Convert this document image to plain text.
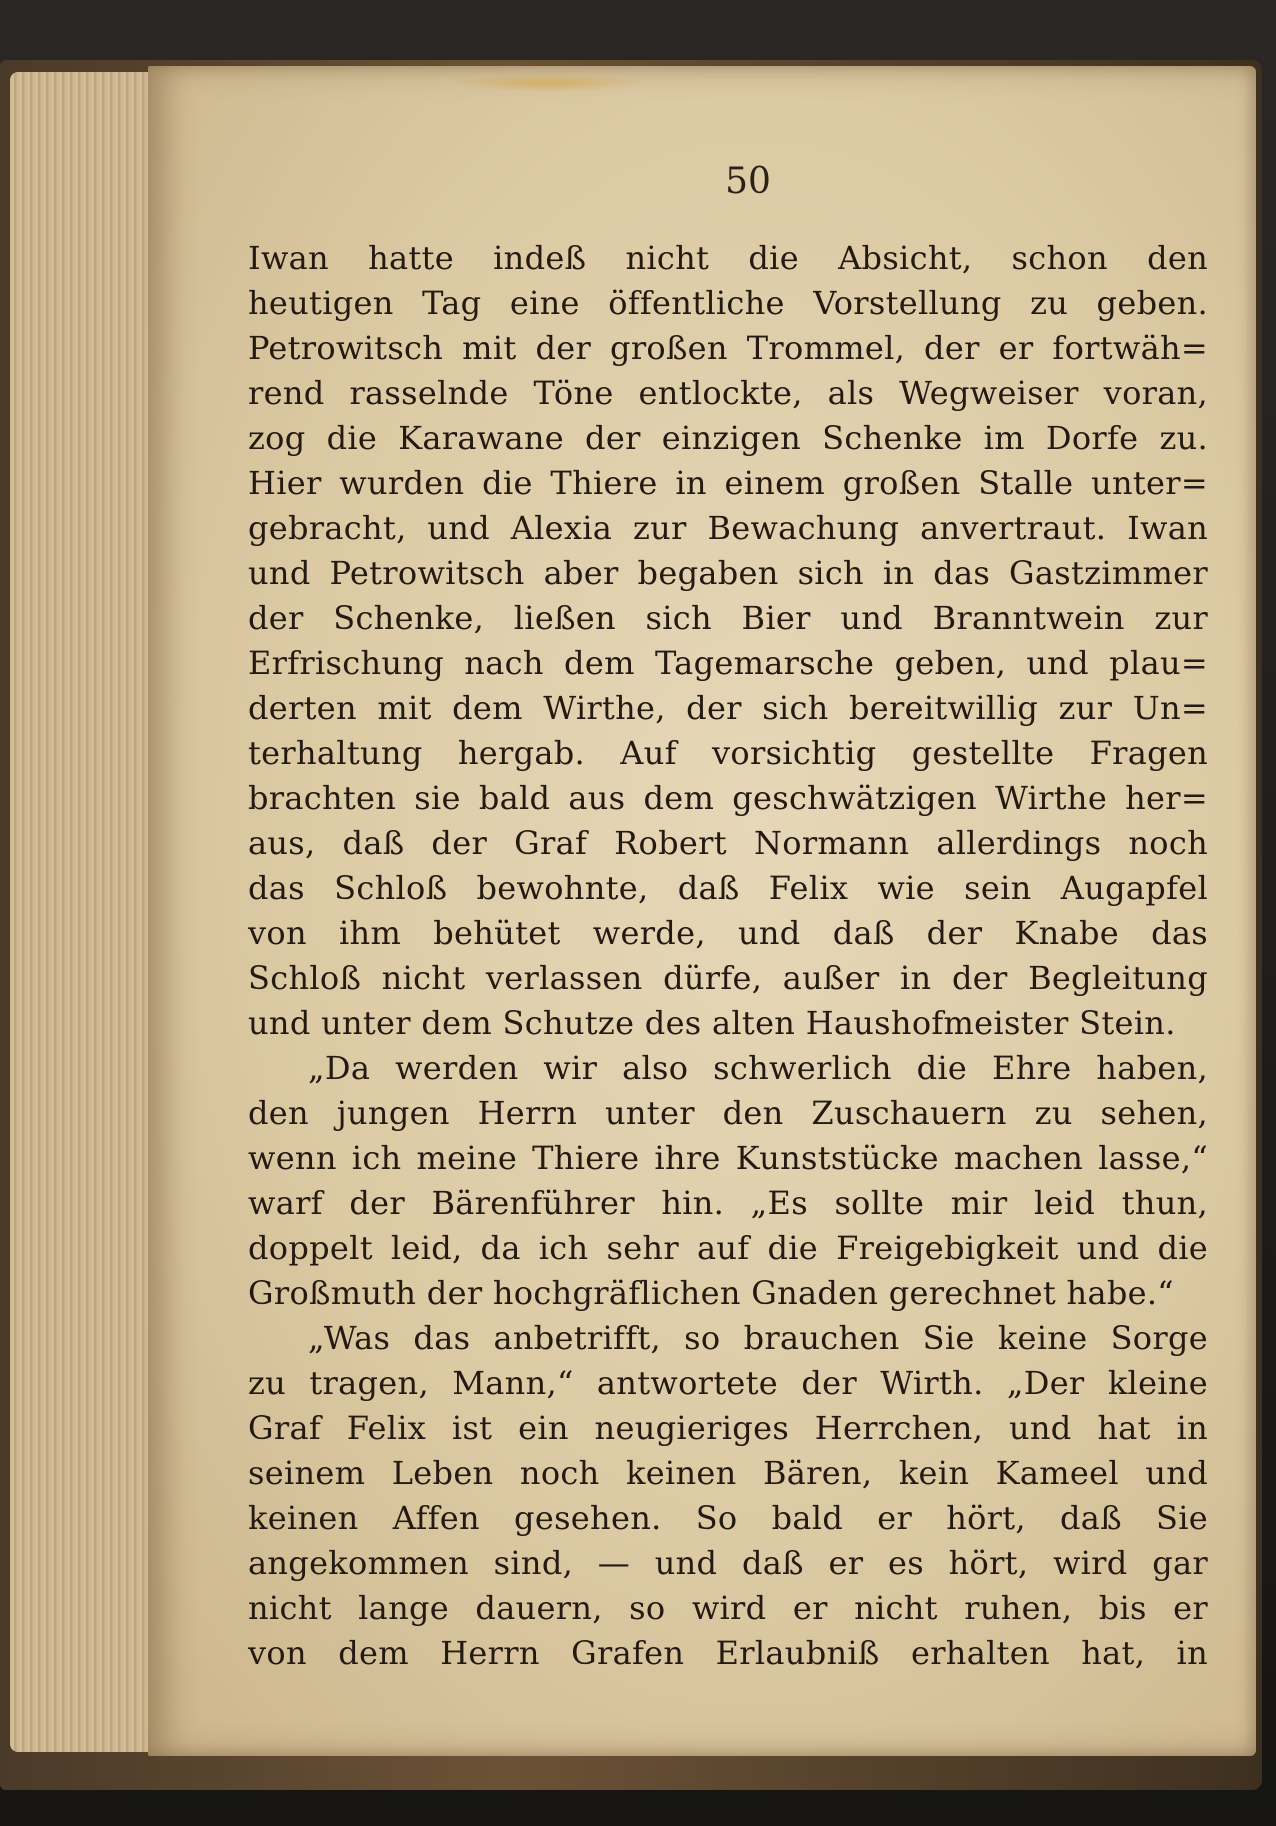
50
Iwan hatte indeß nicht die Absicht, schon den
heutigen Tag eine öffentliche Vorstellung zu geben.
Petrowitsch mit der großen Trommel, der er fortwäh=
rend rasselnde Töne entlockte, als Wegweiser voran,
zog die Karawane der einzigen Schenke im Dorfe zu.
Hier wurden die Thiere in einem großen Stalle unter=
gebracht, und Alexia zur Bewachung anvertraut. Iwan
und Petrowitsch aber begaben sich in das Gastzimmer
der Schenke, ließen sich Bier und Branntwein zur
Erfrischung nach dem Tagemarsche geben, und plau=
derten mit dem Wirthe, der sich bereitwillig zur Un=
terhaltung hergab. Auf vorsichtig gestellte Fragen
brachten sie bald aus dem geschwätzigen Wirthe her=
aus, daß der Graf Robert Normann allerdings noch
das Schloß bewohnte, daß Felix wie sein Augapfel
von ihm behütet werde, und daß der Knabe das
Schloß nicht verlassen dürfe, außer in der Begleitung
und unter dem Schutze des alten Haushofmeister Stein.
„Da werden wir also schwerlich die Ehre haben,
den jungen Herrn unter den Zuschauern zu sehen,
wenn ich meine Thiere ihre Kunststücke machen lasse,“
warf der Bärenführer hin. „Es sollte mir leid thun,
doppelt leid, da ich sehr auf die Freigebigkeit und die
Großmuth der hochgräflichen Gnaden gerechnet habe.“
„Was das anbetrifft, so brauchen Sie keine Sorge
zu tragen, Mann,“ antwortete der Wirth. „Der kleine
Graf Felix ist ein neugieriges Herrchen, und hat in
seinem Leben noch keinen Bären, kein Kameel und
keinen Affen gesehen. So bald er hört, daß Sie
angekommen sind, — und daß er es hört, wird gar
nicht lange dauern, so wird er nicht ruhen, bis er
von dem Herrn Grafen Erlaubniß erhalten hat, in
